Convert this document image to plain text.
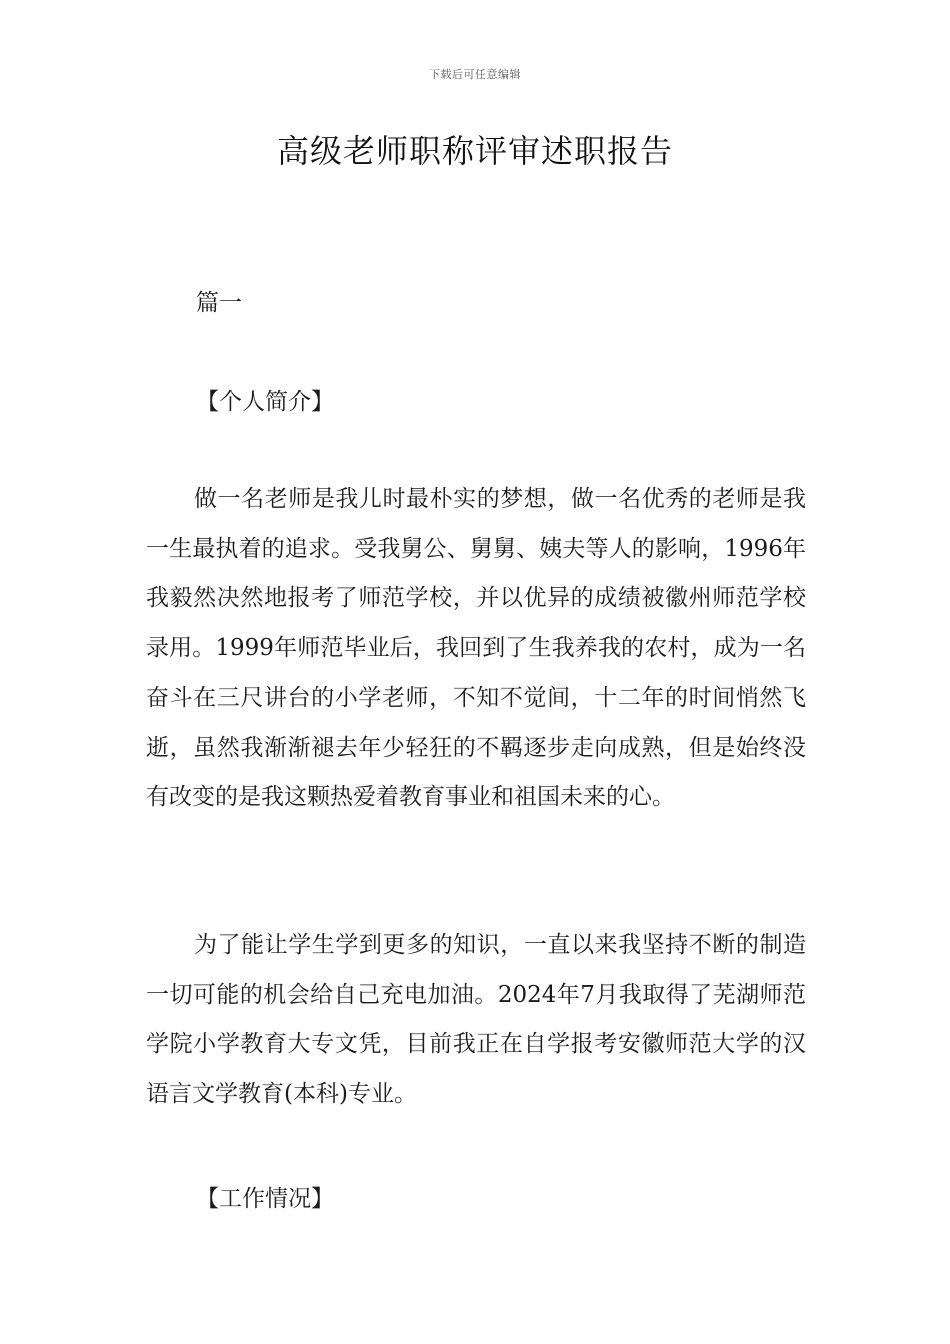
下载后可任意编辑
高级老师职称评审述职报告
篇一
【个人简介】

做一名老师是我儿时最朴实的梦想，做一名优秀的老师是我一生最执着的追求。受我舅公、舅舅、姨夫等人的影响，1996年我毅然决然地报考了师范学校，并以优异的成绩被徽州师范学校录用。1999年师范毕业后，我回到了生我养我的农村，成为一名奋斗在三尺讲台的小学老师，不知不觉间，十二年的时间悄然飞逝，虽然我渐渐褪去年少轻狂的不羁逐步走向成熟，但是始终没有改变的是我这颗热爱着教育事业和祖国未来的心。

为了能让学生学到更多的知识，一直以来我坚持不断的制造一切可能的机会给自己充电加油。2024年7月我取得了芜湖师范学院小学教育大专文凭，目前我正在自学报考安徽师范大学的汉语言文学教育(本科)专业。

【工作情况】
